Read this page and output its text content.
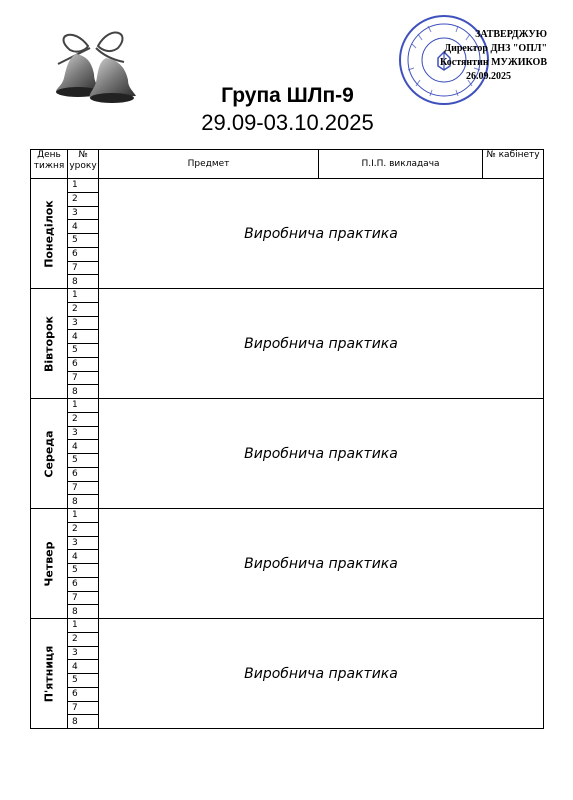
Група ШЛп-9
29.09-03.10.2025
ЗАТВЕРДЖУЮ
Директор ДНЗ "ОПЛ"
Костянтин МУЖИКОВ
26.09.2025
День тижня	№ уроку	Предмет	П.І.П. викладача	№ кабінету

Понеділок	1	Виробнича практика		
	2			
	3			
	4			
	5			
	6			
	7			
	8			

Вівторок	1	Виробнича практика		
	2			
	3			
	4			
	5			
	6			
	7			
	8			

Середа	1	Виробнича практика		
	2			
	3			
	4			
	5			
	6			
	7			
	8			

Четвер	1	Виробнича практика		
	2			
	3			
	4			
	5			
	6			
	7			
	8			

П'ятниця	1	Виробнича практика		
	2			
	3			
	4			
	5			
	6			
	7			
	8			
